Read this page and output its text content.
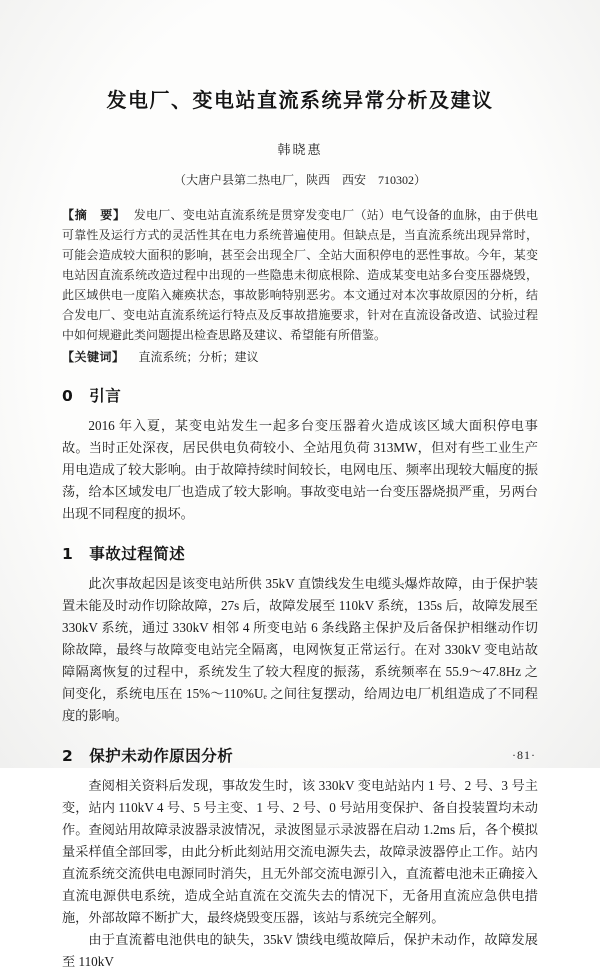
发电厂、变电站直流系统异常分析及建议
韩晓惠
（大唐户县第二热电厂，陕西　西安　710302）

【摘　要】 发电厂、变电站直流系统是贯穿发变电厂（站）电气设备的血脉，由于供电可靠性及运行方式的灵活性其在电力系统普遍使用。但缺点是，当直流系统出现异常时，可能会造成较大面积的影响，甚至会出现全厂、全站大面积停电的恶性事故。今年，某变电站因直流系统改造过程中出现的一些隐患未彻底根除、造成某变电站多台变压器烧毁，此区域供电一度陷入瘫痪状态，事故影响特别恶劣。本文通过对本次事故原因的分析，结合发电厂、变电站直流系统运行特点及反事故措施要求，针对在直流设备改造、试验过程中如何规避此类问题提出检查思路及建议、希望能有所借鉴。

【关键词】 直流系统；分析；建议

0　引言

2016 年入夏，某变电站发生一起多台变压器着火造成该区域大面积停电事故。当时正处深夜，居民供电负荷较小、全站甩负荷 313MW，但对有些工业生产用电造成了较大影响。由于故障持续时间较长，电网电压、频率出现较大幅度的振荡，给本区域发电厂也造成了较大影响。事故变电站一台变压器烧损严重，另两台出现不同程度的损坏。

1　事故过程简述

此次事故起因是该变电站所供 35kV 直馈线发生电缆头爆炸故障，由于保护装置未能及时动作切除故障，27s 后，故障发展至 110kV 系统，135s 后，故障发展至 330kV 系统，通过 330kV 相邻 4 所变电站 6 条线路主保护及后备保护相继动作切除故障，最终与故障变电站完全隔离，电网恢复正常运行。在对 330kV 变电站故障隔离恢复的过程中，系统发生了较大程度的振荡，系统频率在 55.9～47.8Hz 之间变化，系统电压在 15%～110%Uₑ 之间往复摆动，给周边电厂机组造成了不同程度的影响。

2　保护未动作原因分析

查阅相关资料后发现，事故发生时，该 330kV 变电站站内 1 号、2 号、3 号主变，站内 110kV 4 号、5 号主变、1 号、2 号、0 号站用变保护、备自投装置均未动作。查阅站用故障录波器录波情况，录波图显示录波器在启动 1.2ms 后，各个模拟量采样值全部回零，由此分析此刻站用交流电源失去，故障录波器停止工作。站内直流系统交流供电电源同时消失，且无外部交流电源引入，直流蓄电池未正确接入直流电源供电系统，造成全站直流在交流失去的情况下，无备用直流应急供电措施，外部故障不断扩大，最终烧毁变压器，该站与系统完全解列。

由于直流蓄电池供电的缺失，35kV 馈线电缆故障后，保护未动作，故障发展至 110kV

·81·
